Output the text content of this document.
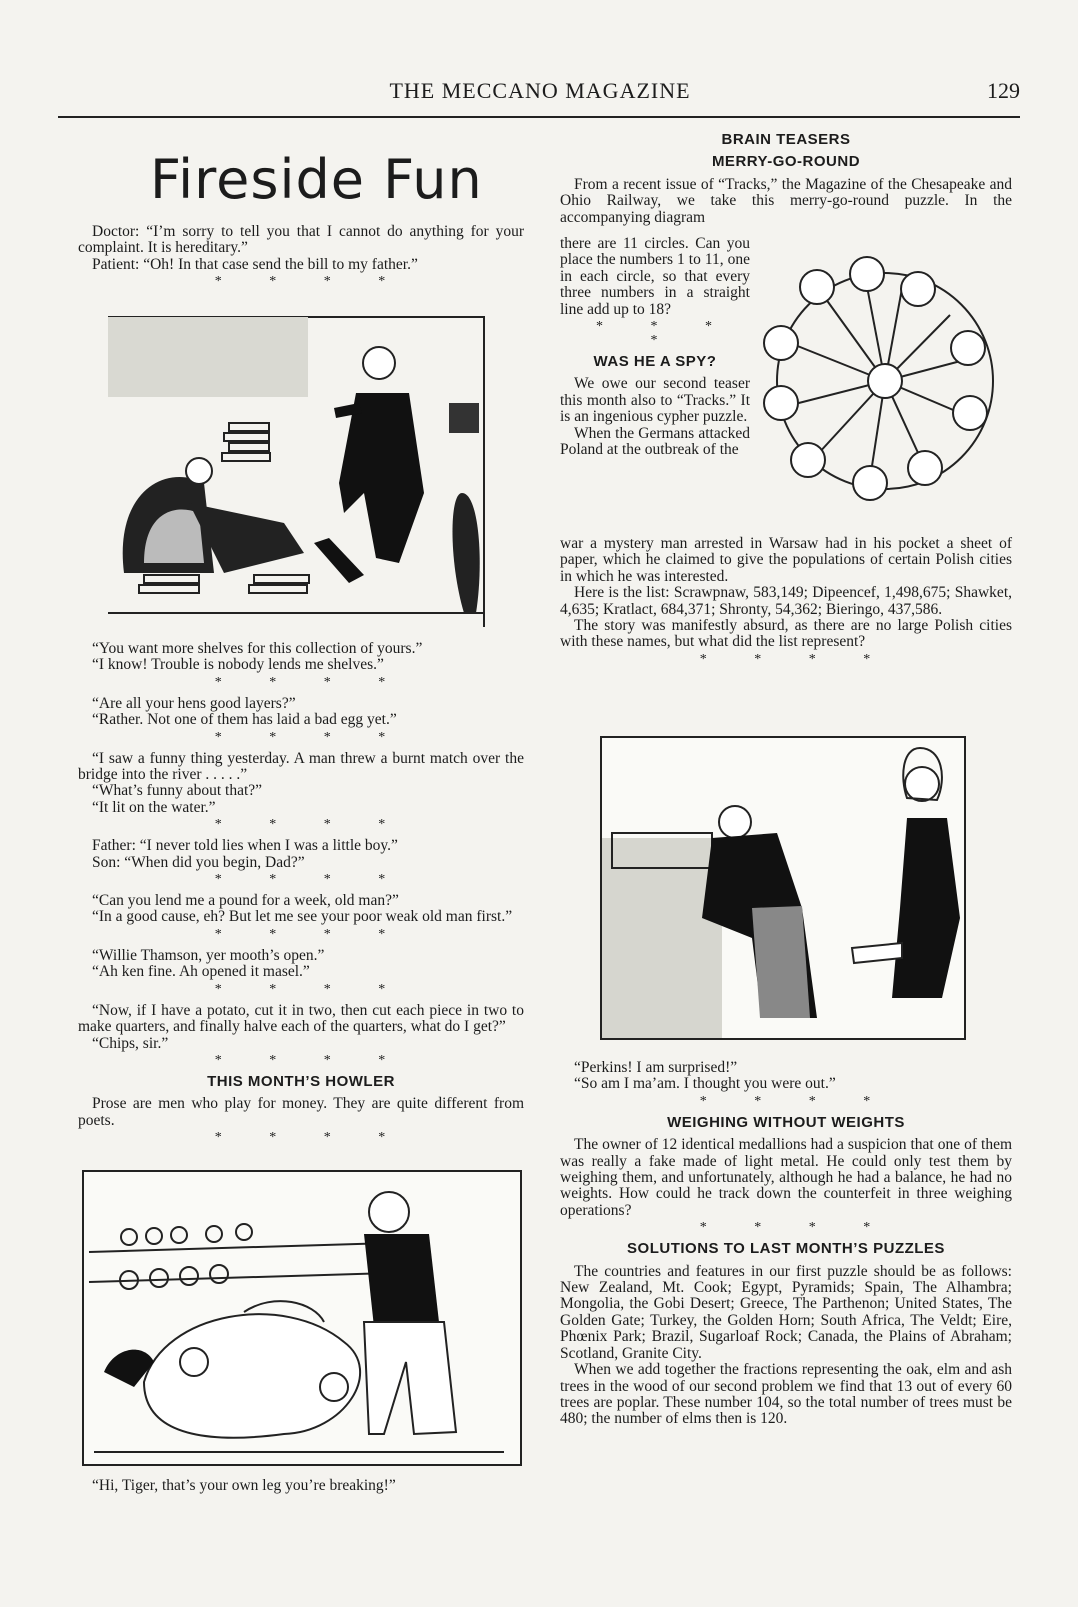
THE MECCANO MAGAZINE	129
Fireside Fun

Doctor: “I’m sorry to tell you that I cannot do anything for your complaint. It is hereditary.”

Patient: “Oh! In that case send the bill to my father.”

* * * *

“You want more shelves for this collection of yours.”

“I know! Trouble is nobody lends me shelves.”

* * * *

“Are all your hens good layers?”

“Rather. Not one of them has laid a bad egg yet.”

* * * *

“I saw a funny thing yesterday. A man threw a burnt match over the bridge into the river . . . . .”

“What’s funny about that?”

“It lit on the water.”

* * * *

Father: “I never told lies when I was a little boy.”

Son: “When did you begin, Dad?”

* * * *

“Can you lend me a pound for a week, old man?”

“In a good cause, eh? But let me see your poor weak old man first.”

* * * *

“Willie Thamson, yer mooth’s open.”

“Ah ken fine. Ah opened it masel.”

* * * *

“Now, if I have a potato, cut it in two, then cut each piece in two to make quarters, and finally halve each of the quarters, what do I get?”

“Chips, sir.”

* * * *
THIS MONTH’S HOWLER

Prose are men who play for money. They are quite different from poets.

* * * *

“Hi, Tiger, that’s your own leg you’re breaking!”

BRAIN TEASERS
MERRY-GO-ROUND

From a recent issue of “Tracks,” the Magazine of the Chesapeake and Ohio Railway, we take this merry-go-round puzzle. In the accompanying diagram

there are 11 circles. Can you place the numbers 1 to 11, one in each circle, so that every three numbers in a straight line add up to 18?

* * * *
WAS HE A SPY?

We owe our second teaser this month also to “Tracks.” It is an ingenious cypher puzzle.

When the Germans attacked Poland at the outbreak of the

war a mystery man arrested in Warsaw had in his pocket a sheet of paper, which he claimed to give the populations of certain Polish cities in which he was interested.

Here is the list: Scrawpnaw, 583,149; Dipeencef, 1,498,675; Shawket, 4,635; Kratlact, 684,371; Shronty, 54,362; Bieringo, 437,586.

The story was manifestly absurd, as there are no large Polish cities with these names, but what did the list represent?

* * * *

“Perkins! I am surprised!”

“So am I ma’am. I thought you were out.”

* * * *
WEIGHING WITHOUT WEIGHTS

The owner of 12 identical medallions had a suspicion that one of them was really a fake made of light metal. He could only test them by weighing them, and unfortunately, although he had a balance, he had no weights. How could he track down the counterfeit in three weighing operations?

* * * *
SOLUTIONS TO LAST MONTH’S PUZZLES

The countries and features in our first puzzle should be as follows: New Zealand, Mt. Cook; Egypt, Pyramids; Spain, The Alhambra; Mongolia, the Gobi Desert; Greece, The Parthenon; United States, The Golden Gate; Turkey, the Golden Horn; South Africa, The Veldt; Eire, Phœnix Park; Brazil, Sugarloaf Rock; Canada, the Plains of Abraham; Scotland, Granite City.

When we add together the fractions representing the oak, elm and ash trees in the wood of our second problem we find that 13 out of every 60 trees are poplar. These number 104, so the total number of trees must be 480; the number of elms then is 120.
